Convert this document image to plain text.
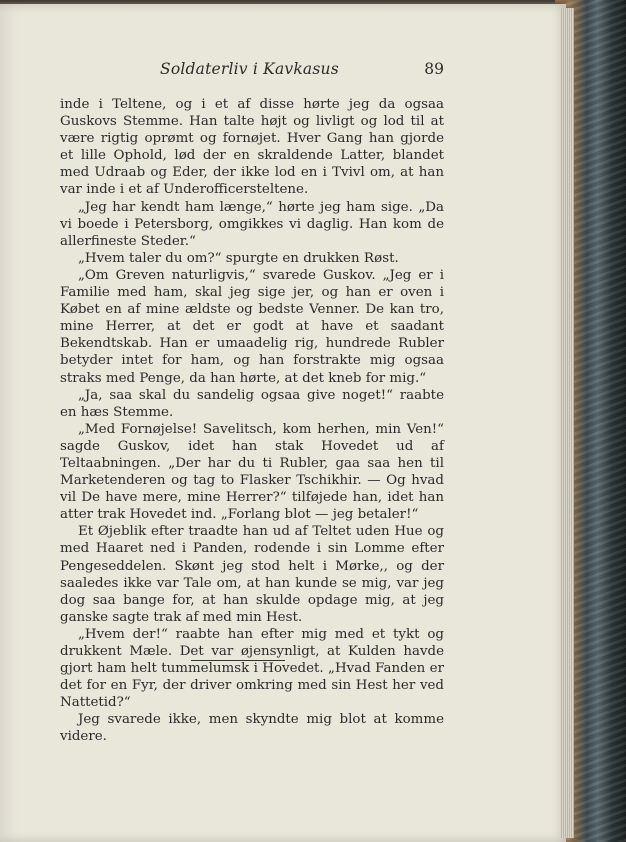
Soldaterliv i Kavkasus	89

inde i Teltene, og i et af disse hørte jeg da ogsaa Guskovs Stemme. Han talte højt og livligt og lod til at være rigtig oprømt og fornøjet. Hver Gang han gjorde et lille Ophold, lød der en skraldende Latter, blandet med Udraab og Eder, der ikke lod en i Tvivl om, at han var inde i et af Underofficersteltene.

„Jeg har kendt ham længe,“ hørte jeg ham sige. „Da vi boede i Petersborg, omgikkes vi daglig. Han kom de allerfineste Steder.“

„Hvem taler du om?“ spurgte en drukken Røst.

„Om Greven naturligvis,“ svarede Guskov. „Jeg er i Familie med ham, skal jeg sige jer, og han er oven i Købet en af mine ældste og bedste Venner. De kan tro, mine Herrer, at det er godt at have et saadant Bekendtskab. Han er umaadelig rig, hundrede Rubler betyder intet for ham, og han forstrakte mig ogsaa straks med Penge, da han hørte, at det kneb for mig.“

„Ja, saa skal du sandelig ogsaa give noget!“ raabte en hæs Stemme.

„Med Fornøjelse! Savelitsch, kom herhen, min Ven!“ sagde Guskov, idet han stak Hovedet ud af Teltaabningen. „Der har du ti Rubler, gaa saa hen til Marketenderen og tag to Flasker Tschikhir. — Og hvad vil De have mere, mine Herrer?“ tilføjede han, idet han atter trak Hovedet ind. „Forlang blot — jeg betaler!“

Et Øjeblik efter traadte han ud af Teltet uden Hue og med Haaret ned i Panden, rodende i sin Lomme efter Pengeseddelen. Skønt jeg stod helt i Mørke,, og der saaledes ikke var Tale om, at han kunde se mig, var jeg dog saa bange for, at han skulde opdage mig, at jeg ganske sagte trak af med min Hest.

„Hvem der!“ raabte han efter mig med et tykt og drukkent Mæle. Det var øjensynligt, at Kulden havde gjort ham helt tummelumsk i Hovedet. „Hvad Fanden er det for en Fyr, der driver omkring med sin Hest her ved Nattetid?“

Jeg svarede ikke, men skyndte mig blot at komme videre.
